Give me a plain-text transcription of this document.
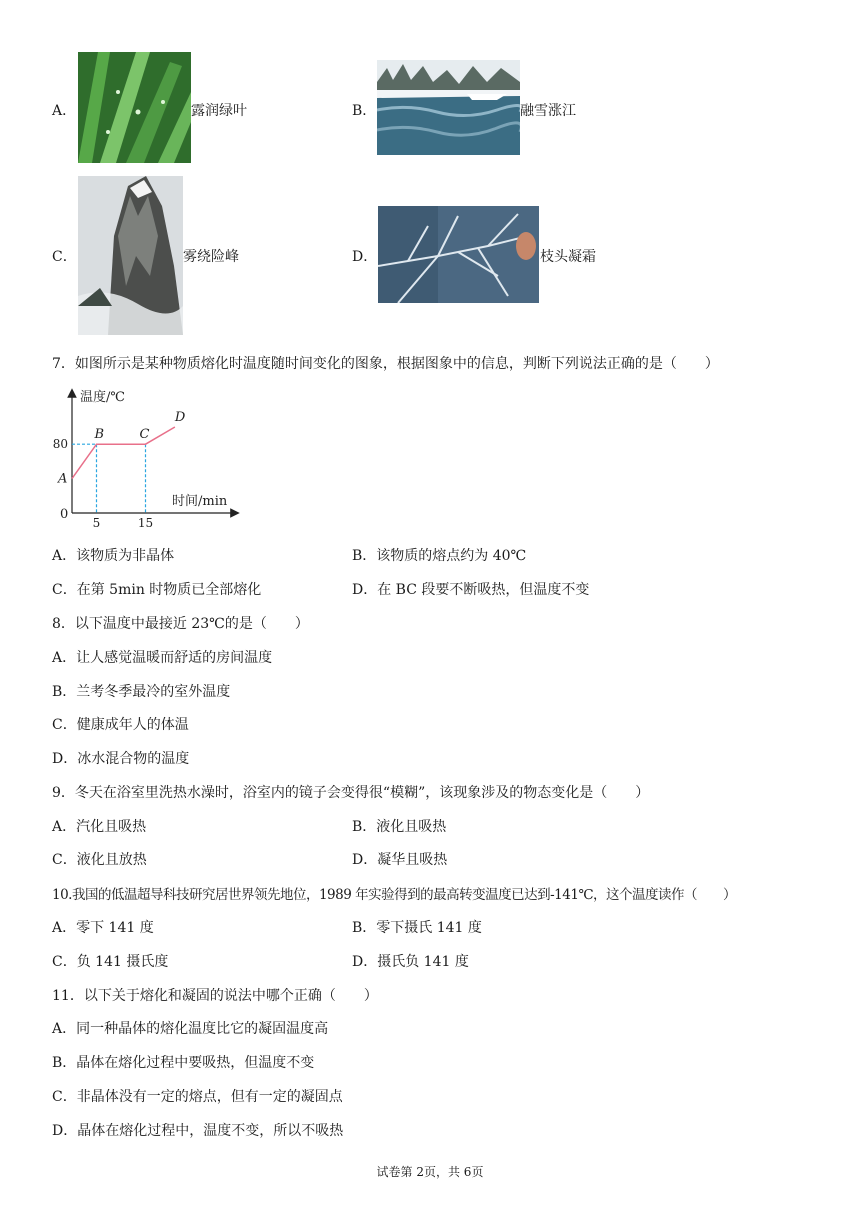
A．	露润绿叶	B．	融雪涨江
C．	雾绕险峰	D．	枝头凝霜
7．如图所示是某种物质熔化时温度随时间变化的图象，根据图象中的信息，判断下列说法正确的是（　　）
温度/℃
时间/min
0
A
B	C
D
5	15
80
A．该物质为非晶体	B．该物质的熔点约为 40℃
C．在第 5min 时物质已全部熔化	D．在 BC 段要不断吸热，但温度不变
8．以下温度中最接近 23℃的是（　　）
A．让人感觉温暖而舒适的房间温度
B．兰考冬季最冷的室外温度
C．健康成年人的体温
D．冰水混合物的温度
9．冬天在浴室里洗热水澡时，浴室内的镜子会变得很“模糊”，该现象涉及的物态变化是（　　）
A．汽化且吸热	B．液化且吸热
C．液化且放热	D．凝华且吸热
10.我国的低温超导科技研究居世界领先地位，1989 年实验得到的最高转变温度已达到-141℃，这个温度读作（　　）
A．零下 141 度	B．零下摄氏 141 度
C．负 141 摄氏度	D．摄氏负 141 度
11．以下关于熔化和凝固的说法中哪个正确（　　）
A．同一种晶体的熔化温度比它的凝固温度高
B．晶体在熔化过程中要吸热，但温度不变
C．非晶体没有一定的熔点，但有一定的凝固点
D．晶体在熔化过程中，温度不变，所以不吸热
试卷第 2页，共 6页
